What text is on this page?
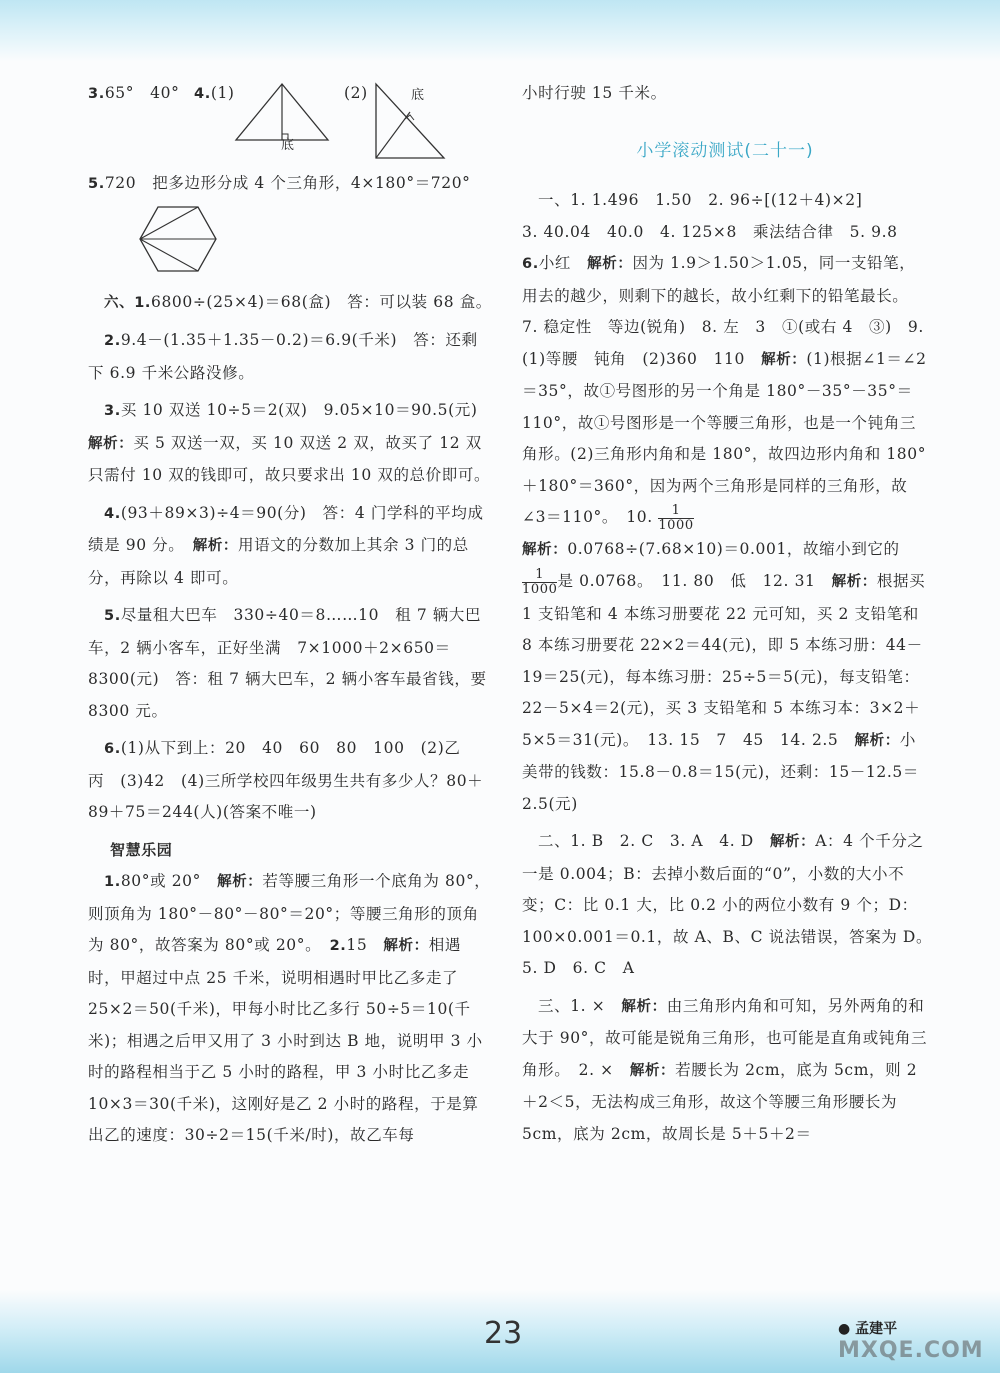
3.65°　40° 4.(1)
底
(2)	底

5.720　把多边形分成 4 个三角形，4×180°＝720°

六、1.6800÷(25×4)＝68(盒)　答：可以装 68 盒。

2.9.4－(1.35＋1.35－0.2)＝6.9(千米)　答：还剩下 6.9 千米公路没修。

3.买 10 双送 10÷5＝2(双)　9.05×10＝90.5(元)　解析：买 5 双送一双，买 10 双送 2 双，故买了 12 双只需付 10 双的钱即可，故只要求出 10 双的总价即可。

4.(93＋89×3)÷4＝90(分)　答：4 门学科的平均成绩是 90 分。　解析：用语文的分数加上其余 3 门的总分，再除以 4 即可。

5.尽量租大巴车　330÷40＝8……10　租 7 辆大巴车，2 辆小客车，正好坐满　7×1000＋2×650＝8300(元)　答：租 7 辆大巴车，2 辆小客车最省钱，要 8300 元。

6.(1)从下到上：20　40　60　80　100　(2)乙　丙　(3)42　(4)三所学校四年级男生共有多少人？80＋89＋75＝244(人)(答案不唯一)

智慧乐园

1.80°或 20°　解析：若等腰三角形一个底角为 80°，则顶角为 180°－80°－80°＝20°；等腰三角形的顶角为 80°，故答案为 80°或 20°。　2.15　解析：相遇时，甲超过中点 25 千米，说明相遇时甲比乙多走了 25×2＝50(千米)，甲每小时比乙多行 50÷5＝10(千米)；相遇之后甲又用了 3 小时到达 B 地，说明甲 3 小时的路程相当于乙 5 小时的路程，甲 3 小时比乙多走 10×3＝30(千米)，这刚好是乙 2 小时的路程，于是算出乙的速度：30÷2＝15(千米/时)，故乙车每

小时行驶 15 千米。

小学滚动测试(二十一)

一、1. 1.496　1.50　2. 96÷[(12＋4)×2]

3. 40.04　40.0　4. 125×8　乘法结合律　5. 9.8

6.小红　解析：因为 1.9＞1.50＞1.05，同一支铅笔，用去的越少，则剩下的越长，故小红剩下的铅笔最长。　7. 稳定性　等边(锐角)　8. 左　3　①(或右 4　③)　9. (1)等腰　钝角　(2)360　110　解析：(1)根据∠1＝∠2＝35°，故①号图形的另一个角是 180°－35°－35°＝110°，故①号图形是一个等腰三角形，也是一个钝角三角形。(2)三角形内角和是 180°，故四边形内角和 180°＋180°＝360°，因为两个三角形是同样的三角形，故∠3＝110°。　10. $\frac{1}{1000}$

解析：0.0768÷(7.68×10)＝0.001，故缩小到它的
$\frac{1}{1000}$ 是 0.0768。　11. 80　低　12. 31　解析：根据买 1 支铅笔和 4 本练习册要花 22 元可知，买 2 支铅笔和 8 本练习册要花 22×2＝44(元)，即 5 本练习册：44－19＝25(元)，每本练习册：25÷5＝5(元)，每支铅笔：22－5×4＝2(元)，买 3 支铅笔和 5 本练习本：3×2＋5×5＝31(元)。　13. 15　7　45　14. 2.5　解析：小美带的钱数：15.8－0.8＝15(元)，还剩：15－12.5＝2.5(元)

二、1. B　2. C　3. A　4. D　解析：A：4 个千分之一是 0.004；B：去掉小数后面的“0”，小数的大小不变；C：比 0.1 大，比 0.2 小的两位小数有 9 个；D：100×0.001＝0.1，故 A、B、C 说法错误，答案为 D。　5. D　6. C　A

三、1. ×　解析：由三角形内角和可知，另外两角的和大于 90°，故可能是锐角三角形，也可能是直角或钝角三角形。　2. ×　解析：若腰长为 2cm，底为 5cm，则 2＋2＜5，无法构成三角形，故这个等腰三角形腰长为 5cm，底为 2cm，故周长是 5＋5＋2＝

23	● 孟建平
MXQE.COM
